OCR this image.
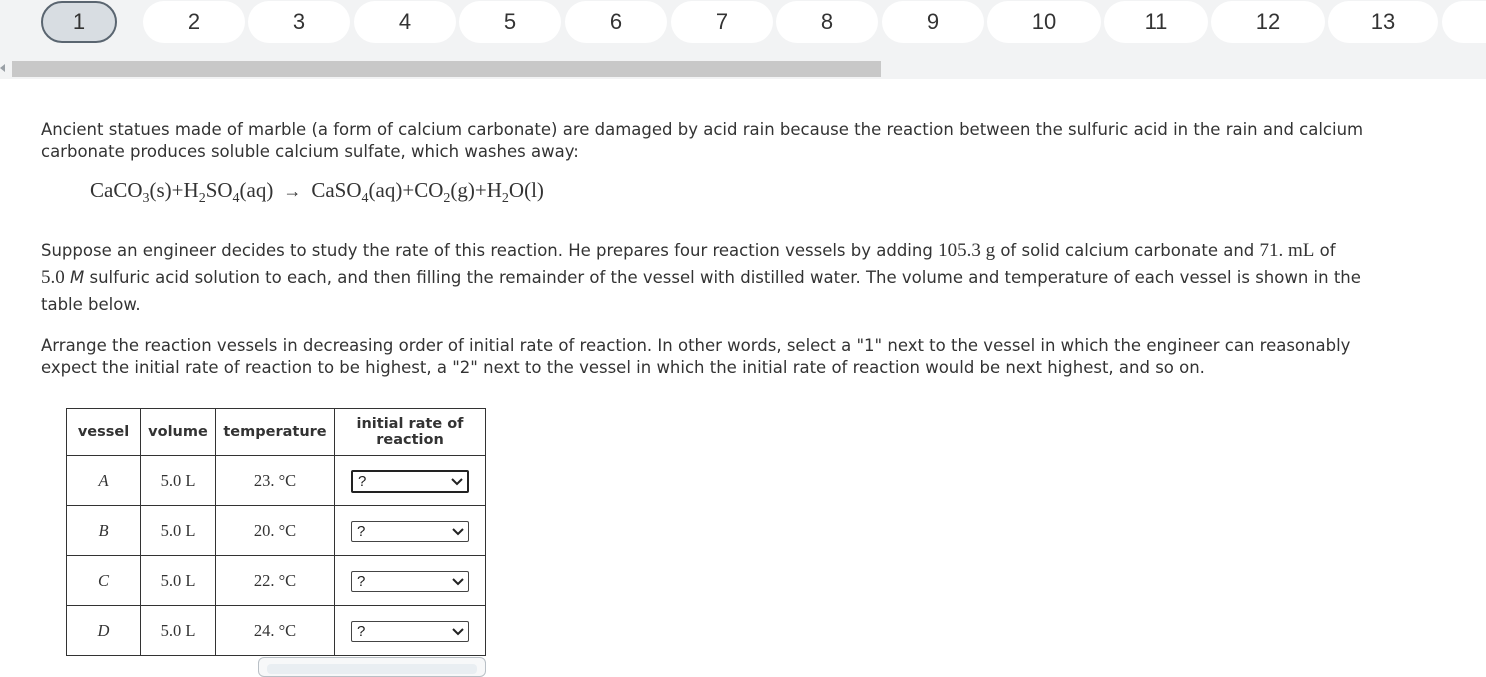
1	2	3	4	5	6	7	8	9	10	11	12	13
Ancient statues made of marble (a form of calcium carbonate) are damaged by acid rain because the reaction between the sulfuric acid in the rain and calcium
carbonate produces soluble calcium sulfate, which washes away:
CaCO$_3$(s) + $H_2SO_4(aq)$ → CaSO$_4$(aq) + $CO_2(g) + H_2O(l)$
Suppose an engineer decides to study the rate of this reaction. He prepares four reaction vessels by adding 105.3 g of solid calcium carbonate and 71. mL of
5.0 M sulfuric acid solution to each, and then filling the remainder of the vessel with distilled water. The volume and temperature of each vessel is shown in the
table below.
Arrange the reaction vessels in decreasing order of initial rate of reaction. In other words, select a "1" next to the vessel in which the engineer can reasonably
expect the initial rate of reaction to be highest, a "2" next to the vessel in which the initial rate of reaction would be next highest, and so on.
vessel	volume	temperature	initial rate of
reaction
A	5.0 L	23. °C	?

B	5.0 L	20. °C	?

C	5.0 L	22. °C	?

D	5.0 L	24. °C	?
